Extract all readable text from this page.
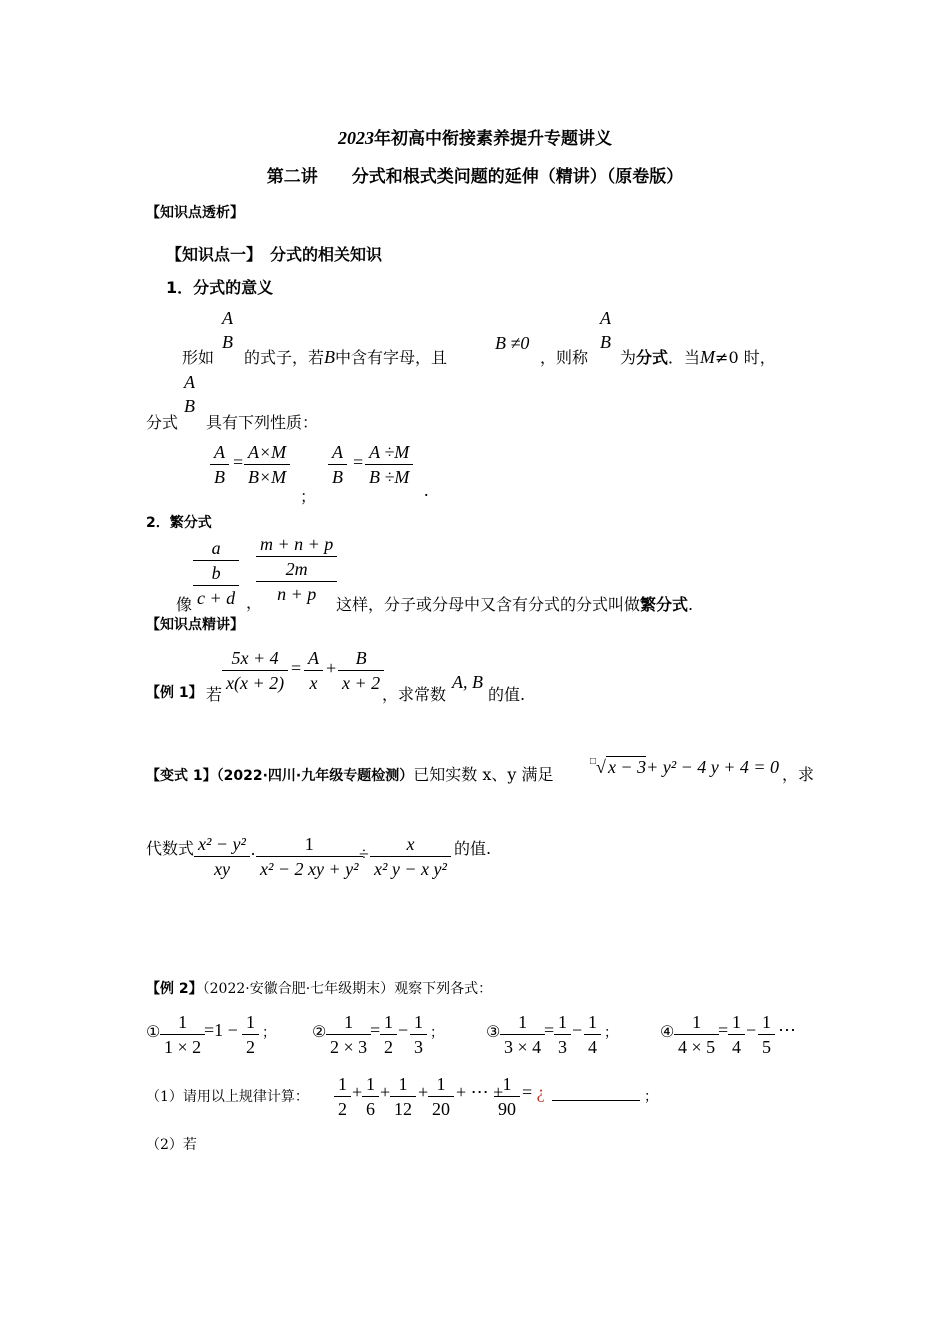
2023年初高中衔接素养提升专题讲义
第二讲　　分式和根式类问题的延伸（精讲）（原卷版）
【知识点透析】
【知识点一】　分式的相关知识
1．分式的意义
形如
A
B
的式子，若B中含有字母，且
B ≠0
，则称
A
B
为分式．当M≠0 时，
A
B
分式 具有下列性质：
$\frac{A}{B} = \frac{A\times M}{B\times M}$
；
$\frac{A}{B} = \frac{A \div M}{B \div M}$
.
2．繁分式
像
a
b
c + d ，
m + n + p
2m
n + p
这样，分子或分母中又含有分式的分式叫做繁分式.
【知识点精讲】
【例 1】 若 $\frac{5x + 4}{x(x + 2)} = \frac{A}{x} + \frac{B}{x + 2}$ ，求常数
A, B
的值.
【变式 1】（2022·四川·九年级专题检测）已知实数 x、y 满足
□√ x − 3+ y² − 4 y + 4 = 0 ，求
代数式 $\frac{\text{x² − y²}}{xy} \cdot \frac{1}{\text{x² − 2 xy + y²}}$
÷ $\frac{x}{\text{x² y − x y²}}$ 的值.
【例 2】（2022·安徽合肥·七年级期末）观察下列各式：
① $\frac{1}{1 \times 2} =1 - \frac{1}{2}$ ； ② $\frac{1}{2 \times 3} = \frac{1}{2} - \frac{1}{3}$ ；	③ $\frac{1}{3 \times 4} = \frac{1}{3} - \frac{1}{4}$ ；	④ $\frac{1}{4 \times 5} = \frac{1}{4} - \frac{1}{5}$ ⋯
（1）请用以上规律计算： $\frac{1}{2} + \frac{1}{6} + \frac{1}{12} + \frac{1}{20}$ + ⋯ +
$\frac{1}{90}$ = ¿	；
（2）若
